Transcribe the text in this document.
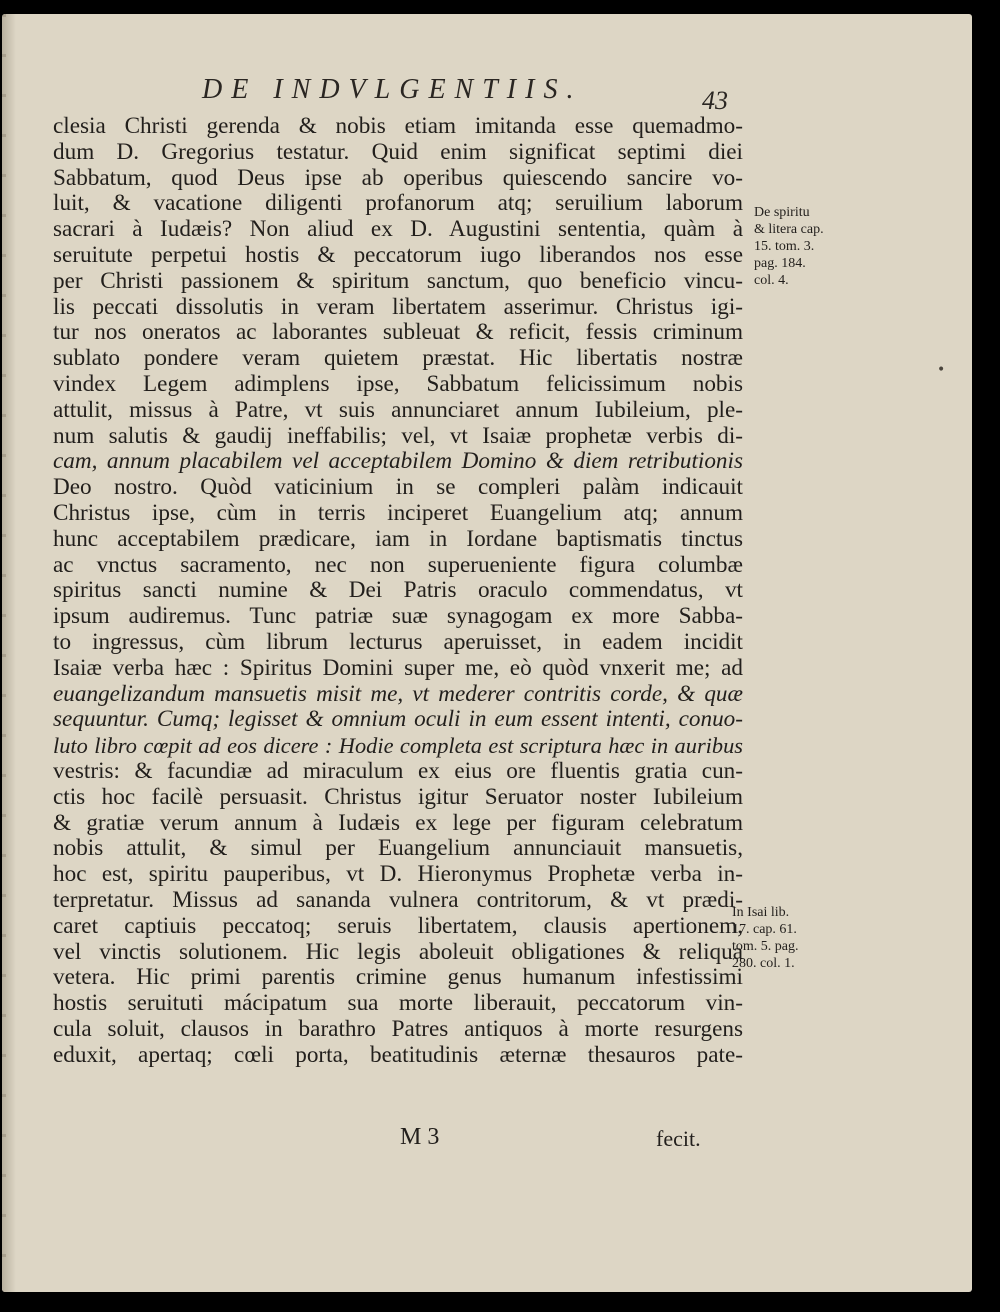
DE INDVLGENTIIS.	43
clesia Christi gerenda & nobis etiam imitanda esse quemadmo-
dum D. Gregorius testatur. Quid enim significat septimi diei
Sabbatum, quod Deus ipse ab operibus quiescendo sancire vo-
luit, & vacatione diligenti profanorum atq; seruilium laborum
sacrari à Iudæis? Non aliud ex D. Augustini sententia, quàm à
seruitute perpetui hostis & peccatorum iugo liberandos nos esse
per Christi passionem & spiritum sanctum, quo beneficio vincu-
lis peccati dissolutis in veram libertatem asserimur. Christus igi-
tur nos oneratos ac laborantes subleuat & reficit, fessis criminum
sublato pondere veram quietem præstat. Hic libertatis nostræ
vindex Legem adimplens ipse, Sabbatum felicissimum nobis
attulit, missus à Patre, vt suis annunciaret annum Iubileium, ple-
num salutis & gaudij ineffabilis; vel, vt Isaiæ prophetæ verbis di-
cam, annum placabilem vel acceptabilem Domino & diem retributionis
Deo nostro. Quòd vaticinium in se compleri palàm indicauit
Christus ipse, cùm in terris inciperet Euangelium atq; annum
hunc acceptabilem prædicare, iam in Iordane baptismatis tinctus
ac vnctus sacramento, nec non superueniente figura columbæ
spiritus sancti numine & Dei Patris oraculo commendatus, vt
ipsum audiremus. Tunc patriæ suæ synagogam ex more Sabba-
to ingressus, cùm librum lecturus aperuisset, in eadem incidit
Isaiæ verba hæc : Spiritus Domini super me, eò quòd vnxerit me; ad
euangelizandum mansuetis misit me, vt mederer contritis corde, & quæ
sequuntur. Cumq; legisset & omnium oculi in eum essent intenti, conuo-
luto libro cœpit ad eos dicere : Hodie completa est scriptura hæc in auribus
vestris: & facundiæ ad miraculum ex eius ore fluentis gratia cun-
ctis hoc facilè persuasit. Christus igitur Seruator noster Iubileium
& gratiæ verum annum à Iudæis ex lege per figuram celebratum
nobis attulit, & simul per Euangelium annunciauit mansuetis,
hoc est, spiritu pauperibus, vt D. Hieronymus Prophetæ verba in-
terpretatur. Missus ad sananda vulnera contritorum, & vt prædi-
caret captiuis peccatoq; seruis libertatem, clausis apertionem,
vel vinctis solutionem. Hic legis aboleuit obligationes & reliqua
vetera. Hic primi parentis crimine genus humanum infestissimi
hostis seruituti mácipatum sua morte liberauit, peccatorum vin-
cula soluit, clausos in barathro Patres antiquos à morte resurgens
eduxit, apertaq; cœli porta, beatitudinis æternæ thesauros pate-
De spiritu
& litera cap.
15. tom. 3.
pag. 184.
col. 4.
In Isai lib.
17. cap. 61.
tom. 5. pag.
280. col. 1.
M 3	fecit.
•
